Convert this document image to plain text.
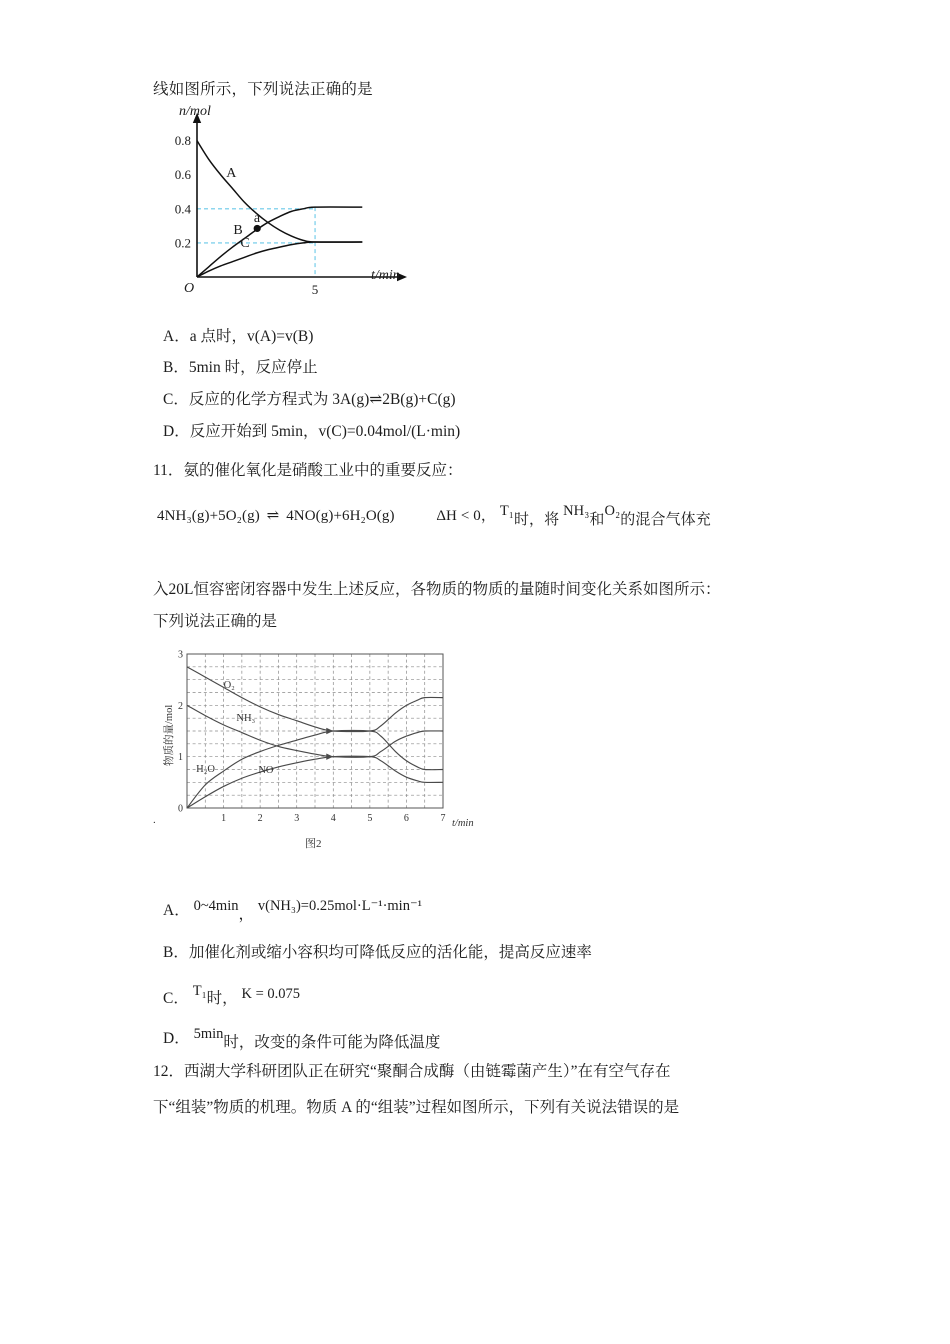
线如图所示，下列说法正确的是
0.8
0.6
0.4
0.2
5
O
A
B
C
a
n/mol
t/min
A．a 点时，v(A)=v(B)
B．5min 时，反应停止
C．反应的化学方程式为 3A(g)⇌2B(g)+C(g)
D．反应开始到 5min，v(C)=0.04mol/(L·min)
11．氨的催化氧化是硝酸工业中的重要反应：
4NH₃(g)+5O₂(g) ⇌ 4NO(g)+6H₂O(g)	ΔH < 0， T₁时，将 NH₃和O₂的混合气体充
入20L恒容密闭容器中发生上述反应，各物质的物质的量随时间变化关系如图所示：
下列说法正确的是
0
1
2
3
1	2	3	4	5	6	7
O₂
NH₃
H₂O	NO
物质的量/mol
t/min
图2
.
A． 0~4min， v(NH₃)=0.25mol·L⁻¹·min⁻¹
B．加催化剂或缩小容积均可降低反应的活化能，提高反应速率
C． T₁时， K = 0.075
D． 5min时，改变的条件可能为降低温度
12．西湖大学科研团队正在研究“聚酮合成酶（由链霉菌产生）”在有空气存在
下“组装”物质的机理。物质 A 的“组装”过程如图所示，下列有关说法错误的是
